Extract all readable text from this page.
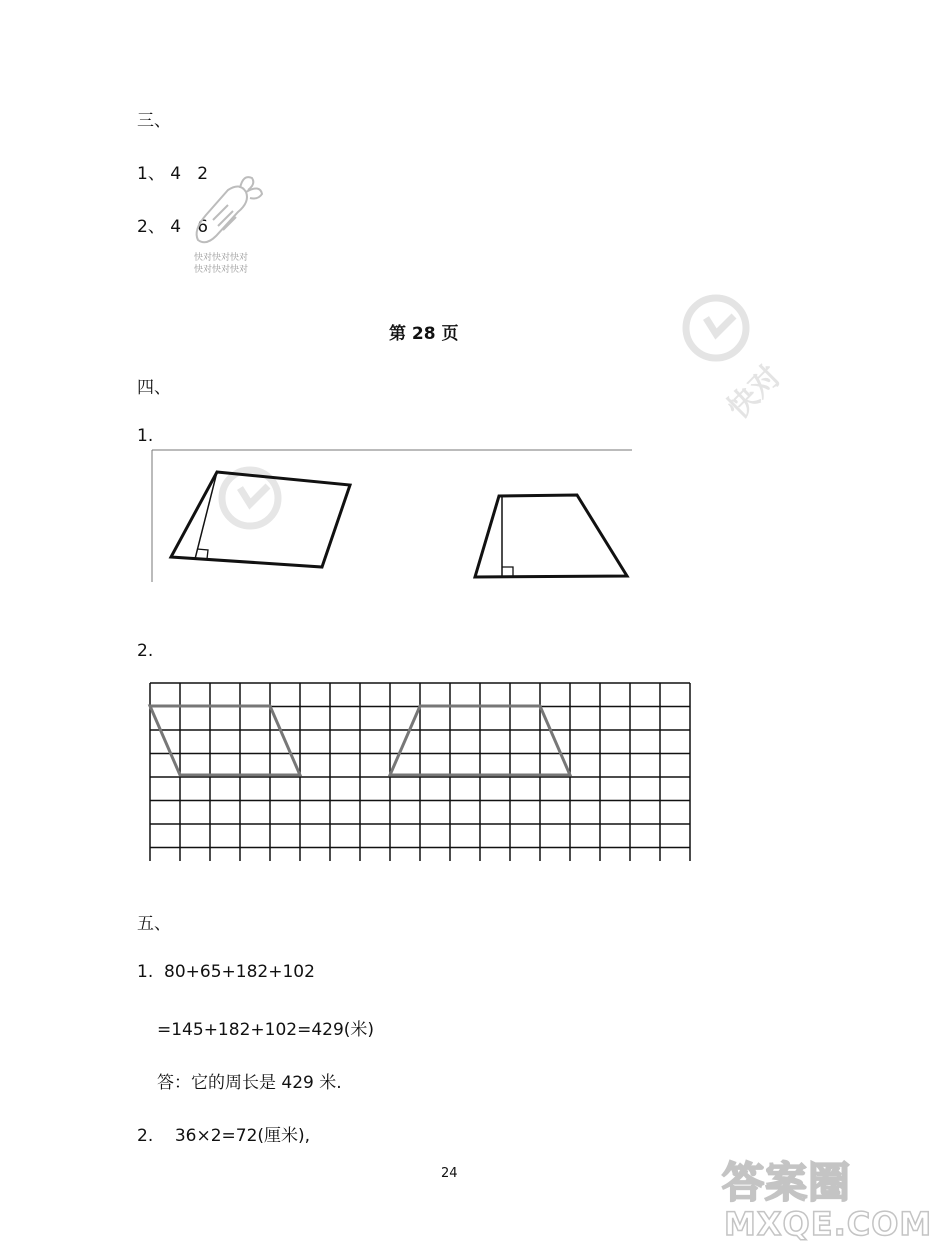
三、
1、 4   2
2、 4   6
快对快对快对
快对快对快对
第 28 页
快对
四、
1.
2.
五、
1.  80+65+182+102
=145+182+102=429(米)
答：它的周长是 429 米.
2.    36×2=72(厘米),
24	答案圈
MXQE.COM
